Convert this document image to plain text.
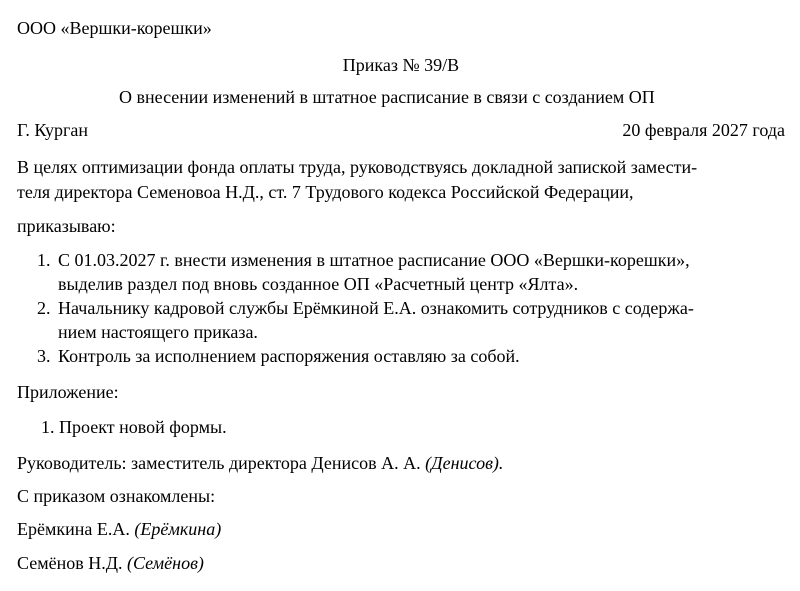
ООО «Вершки-корешки»
Приказ № 39/В
О внесении изменений в штатное расписание в связи с созданием ОП
Г. Курган	20 февраля 2027 года
В целях оптимизации фонда оплаты труда, руководствуясь докладной запиской замести-
теля директора Семеновоа Н.Д., ст. 7 Трудового кодекса Российской Федерации,
приказываю:
1. С 01.03.2027 г. внести изменения в штатное расписание ООО «Вершки-корешки»,
выделив раздел под вновь созданное ОП «Расчетный центр «Ялта».
2. Начальнику кадровой службы Ерёмкиной Е.А. ознакомить сотрудников с содержа-
нием настоящего приказа.
3. Контроль за исполнением распоряжения оставляю за собой.
Приложение:
1. Проект новой формы.
Руководитель: заместитель директора Денисов А. А. (Денисов).
С приказом ознакомлены:
Ерёмкина Е.А. (Ерёмкина)
Семёнов Н.Д. (Семёнов)
